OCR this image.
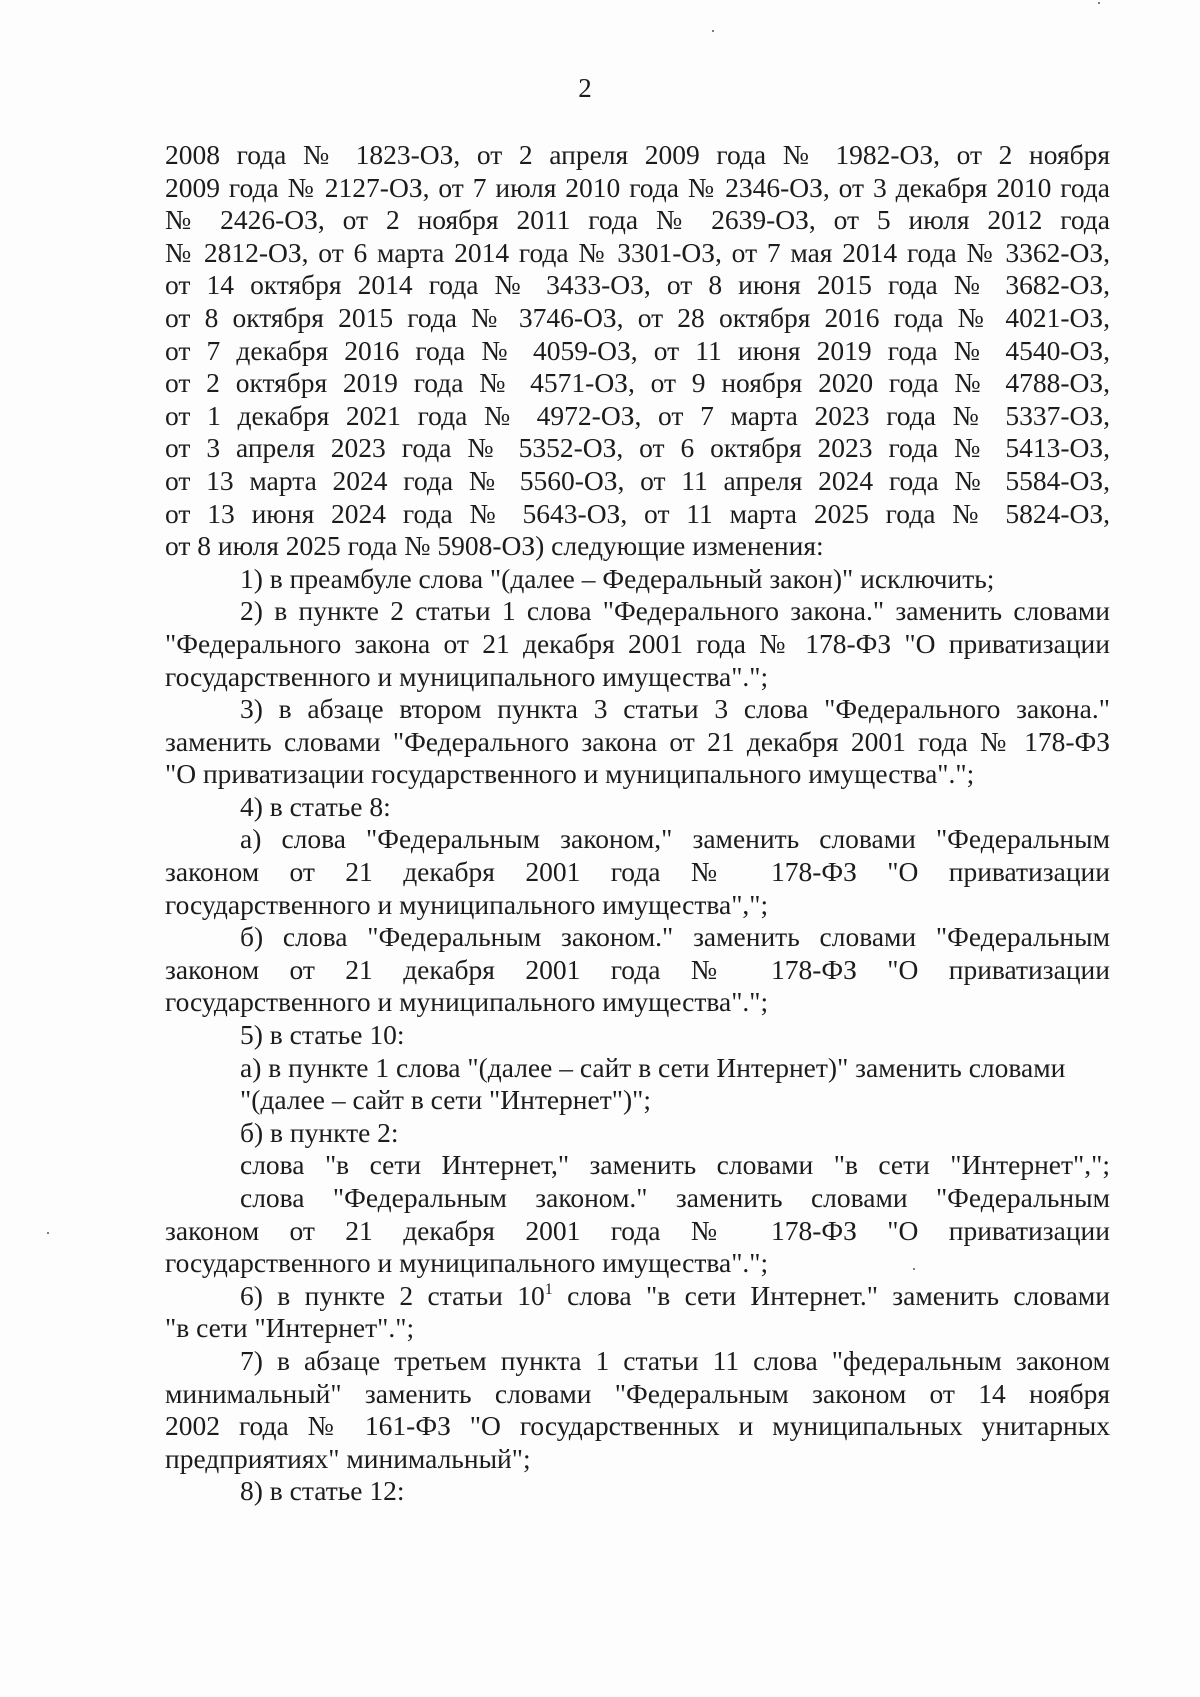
2
2008 года № 1823-ОЗ, от 2 апреля 2009 года № 1982-ОЗ, от 2 ноября
2009 года № 2127-ОЗ, от 7 июля 2010 года № 2346-ОЗ, от 3 декабря 2010 года
№ 2426-ОЗ, от 2 ноября 2011 года № 2639-ОЗ, от 5 июля 2012 года
№ 2812-ОЗ, от 6 марта 2014 года № 3301-ОЗ, от 7 мая 2014 года № 3362-ОЗ,
от 14 октября 2014 года № 3433-ОЗ, от 8 июня 2015 года № 3682-ОЗ,
от 8 октября 2015 года № 3746-ОЗ, от 28 октября 2016 года № 4021-ОЗ,
от 7 декабря 2016 года № 4059-ОЗ, от 11 июня 2019 года № 4540-ОЗ,
от 2 октября 2019 года № 4571-ОЗ, от 9 ноября 2020 года № 4788-ОЗ,
от 1 декабря 2021 года № 4972-ОЗ, от 7 марта 2023 года № 5337-ОЗ,
от 3 апреля 2023 года № 5352-ОЗ, от 6 октября 2023 года № 5413-ОЗ,
от 13 марта 2024 года № 5560-ОЗ, от 11 апреля 2024 года № 5584-ОЗ,
от 13 июня 2024 года № 5643-ОЗ, от 11 марта 2025 года № 5824-ОЗ,
от 8 июля 2025 года № 5908-ОЗ) следующие изменения:
1) в преамбуле слова "(далее – Федеральный закон)" исключить;
2) в пункте 2 статьи 1 слова "Федерального закона." заменить словами
"Федерального закона от 21 декабря 2001 года № 178-ФЗ "О приватизации
государственного и муниципального имущества".";
3) в абзаце втором пункта 3 статьи 3 слова "Федерального закона."
заменить словами "Федерального закона от 21 декабря 2001 года № 178-ФЗ
"О приватизации государственного и муниципального имущества".";
4) в статье 8:
а) слова "Федеральным законом," заменить словами "Федеральным
законом от 21 декабря 2001 года № 178-ФЗ "О приватизации
государственного и муниципального имущества",";
б) слова "Федеральным законом." заменить словами "Федеральным
законом от 21 декабря 2001 года № 178-ФЗ "О приватизации
государственного и муниципального имущества".";
5) в статье 10:
а) в пункте 1 слова "(далее – сайт в сети Интернет)" заменить словами
"(далее – сайт в сети "Интернет")";
б) в пункте 2:
слова "в сети Интернет," заменить словами "в сети "Интернет",";
слова "Федеральным законом." заменить словами "Федеральным
законом от 21 декабря 2001 года № 178-ФЗ "О приватизации
государственного и муниципального имущества".";
6) в пункте 2 статьи $10^1$ слова "в сети Интернет." заменить словами
"в сети "Интернет".";
7) в абзаце третьем пункта 1 статьи 11 слова "федеральным законом
минимальный" заменить словами "Федеральным законом от 14 ноября
2002 года № 161-ФЗ "О государственных и муниципальных унитарных
предприятиях" минимальный";
8) в статье 12:
